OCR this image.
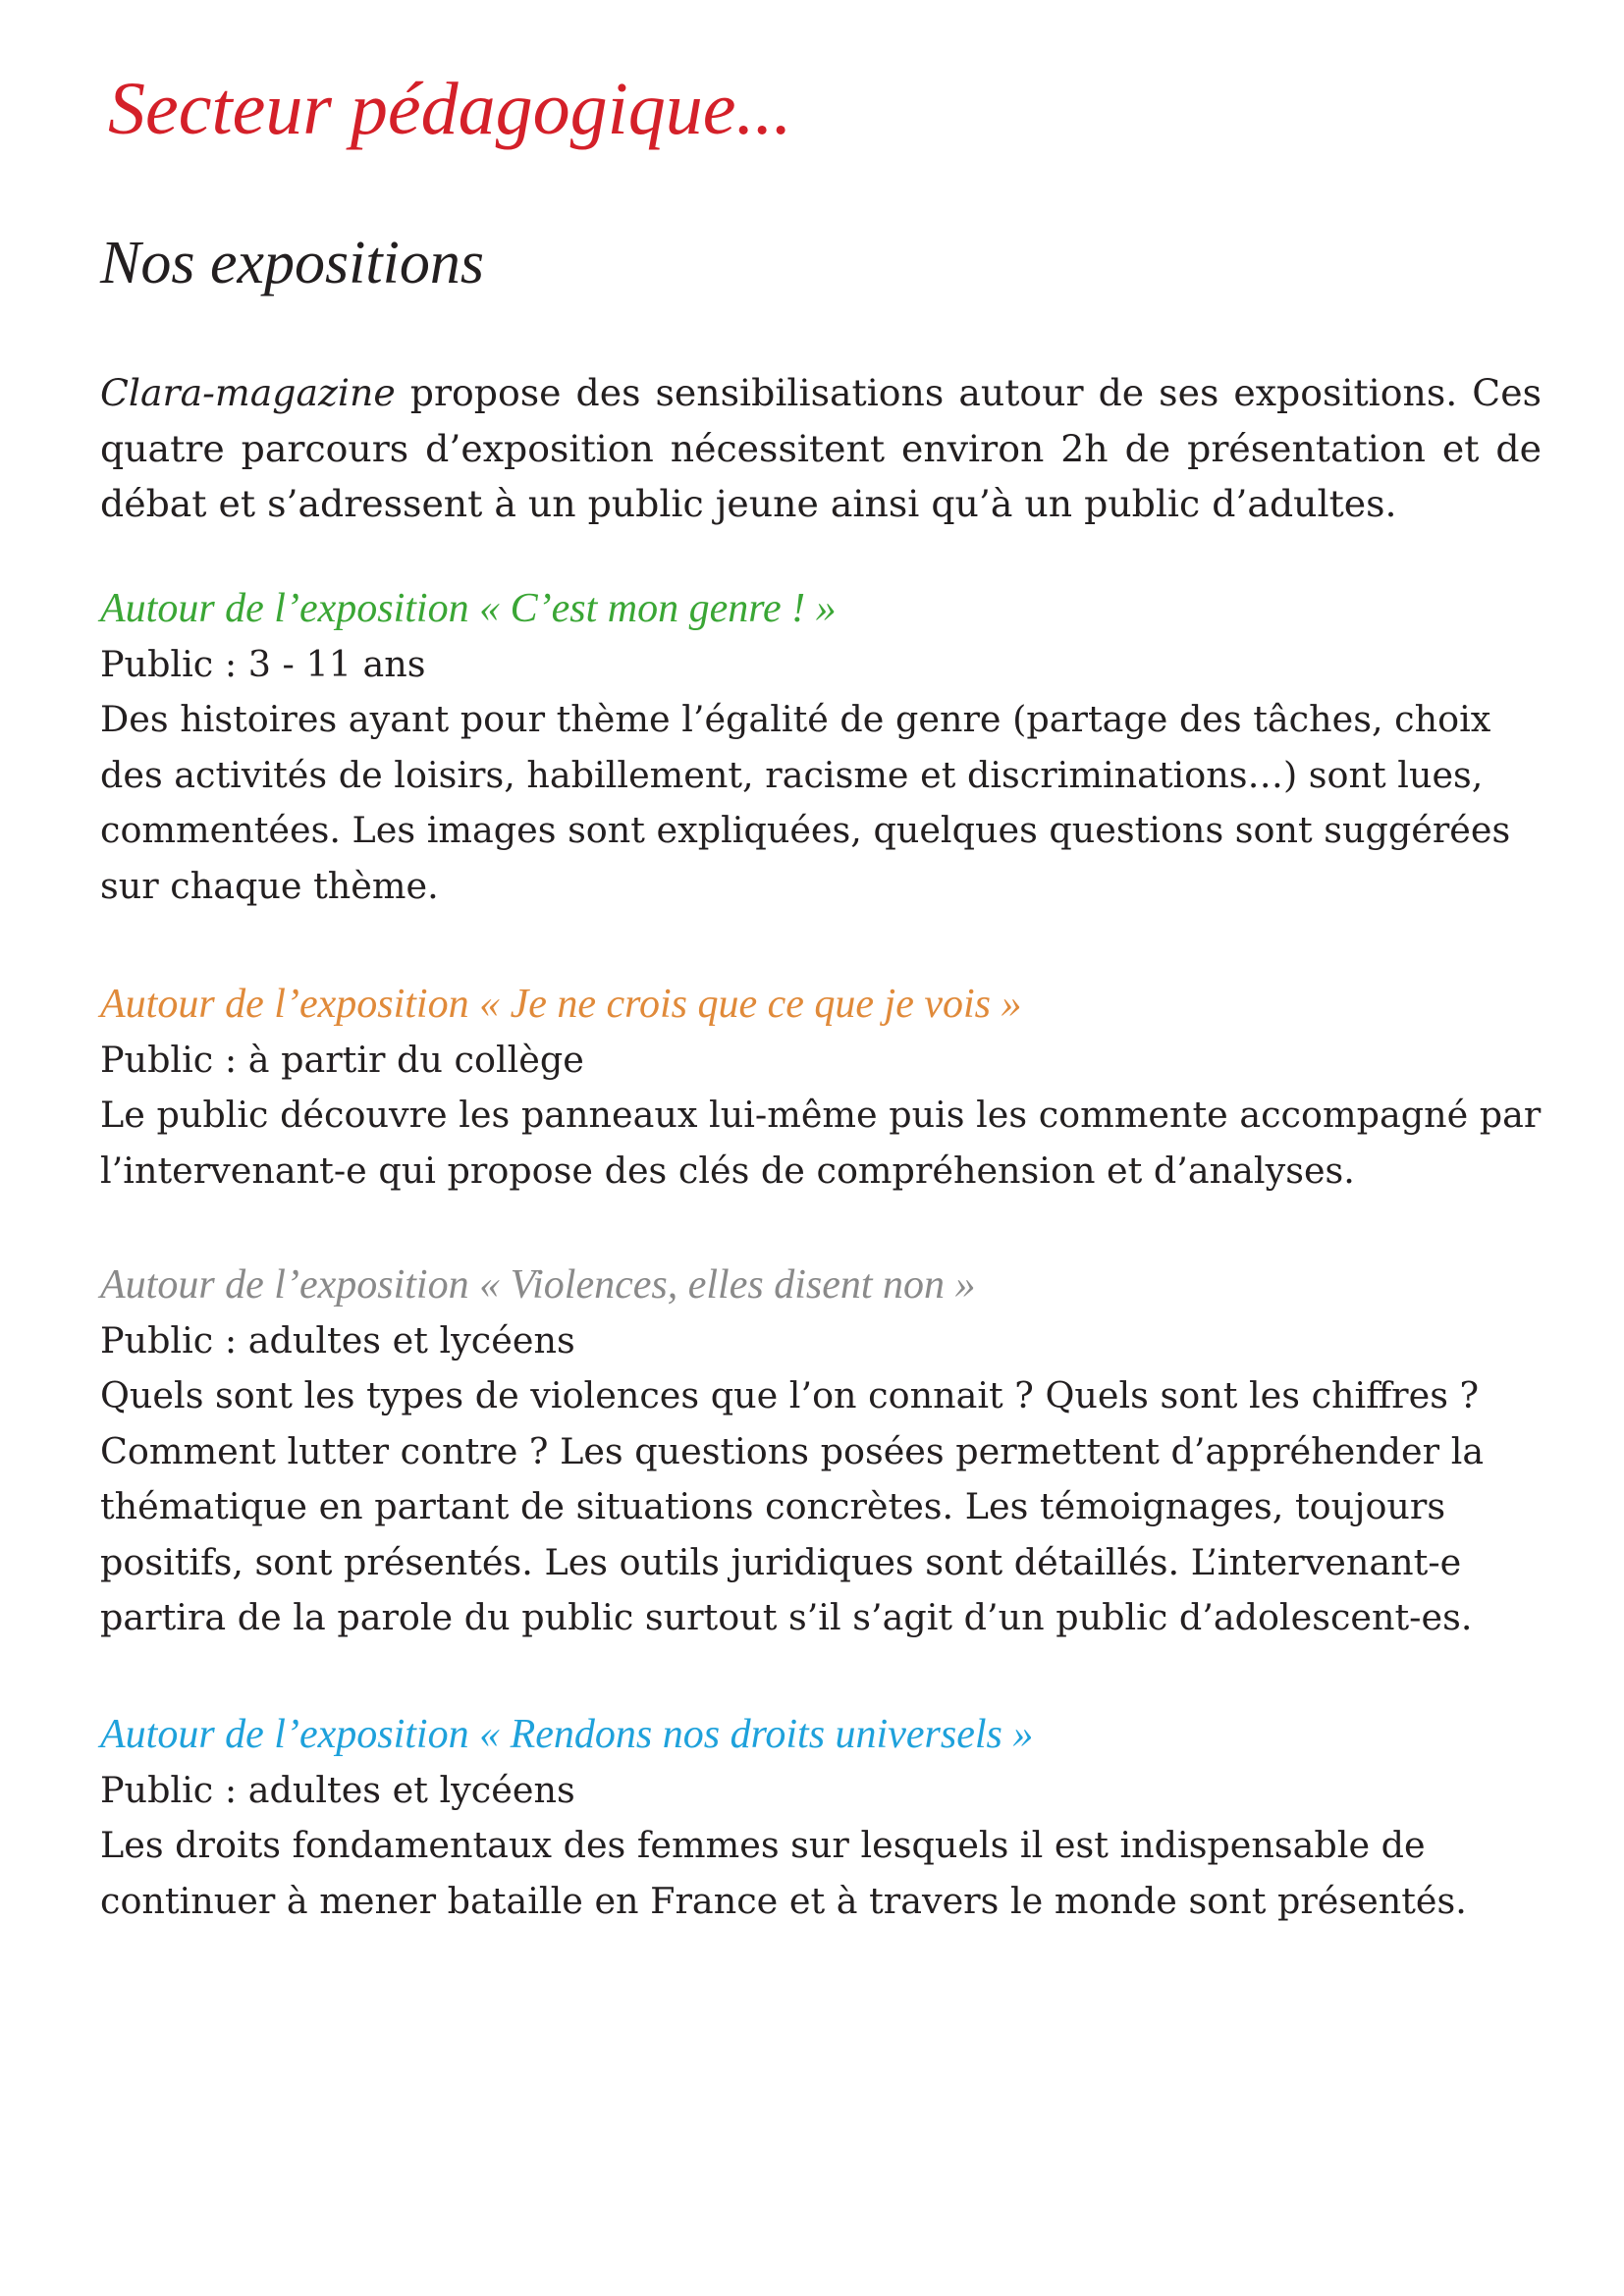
Secteur pédagogique...
Nos expositions

Clara-magazine propose des sensibilisations autour de ses expositions. Ces quatre parcours d’exposition nécessitent environ 2h de présentation et de débat et s’adressent à un public jeune ainsi qu’à un public d’adultes.

Autour de l’exposition « C’est mon genre ! »

Public : 3 - 11 ans

Des histoires ayant pour thème l’égalité de genre (partage des tâches, choix des activités de loisirs, habillement, racisme et discriminations…) sont lues, commentées. Les images sont expliquées, quelques questions sont suggérées sur chaque thème.

Autour de l’exposition « Je ne crois que ce que je vois »

Public : à partir du collège

Le public découvre les panneaux lui-même puis les commente accompagné par l’intervenant-e qui propose des clés de compréhension et d’analyses.

Autour de l’exposition « Violences, elles disent non »

Public : adultes et lycéens

Quels sont les types de violences que l’on connait ? Quels sont les chiffres ? Comment lutter contre ? Les questions posées permettent d’appréhender la thématique en partant de situations concrètes. Les témoignages, toujours positifs, sont présentés. Les outils juridiques sont détaillés. L’intervenant-e partira de la parole du public surtout s’il s’agit d’un public d’adolescent-es.

Autour de l’exposition « Rendons nos droits universels »

Public : adultes et lycéens

Les droits fondamentaux des femmes sur lesquels il est indispensable de continuer à mener bataille en France et à travers le monde sont présentés.
